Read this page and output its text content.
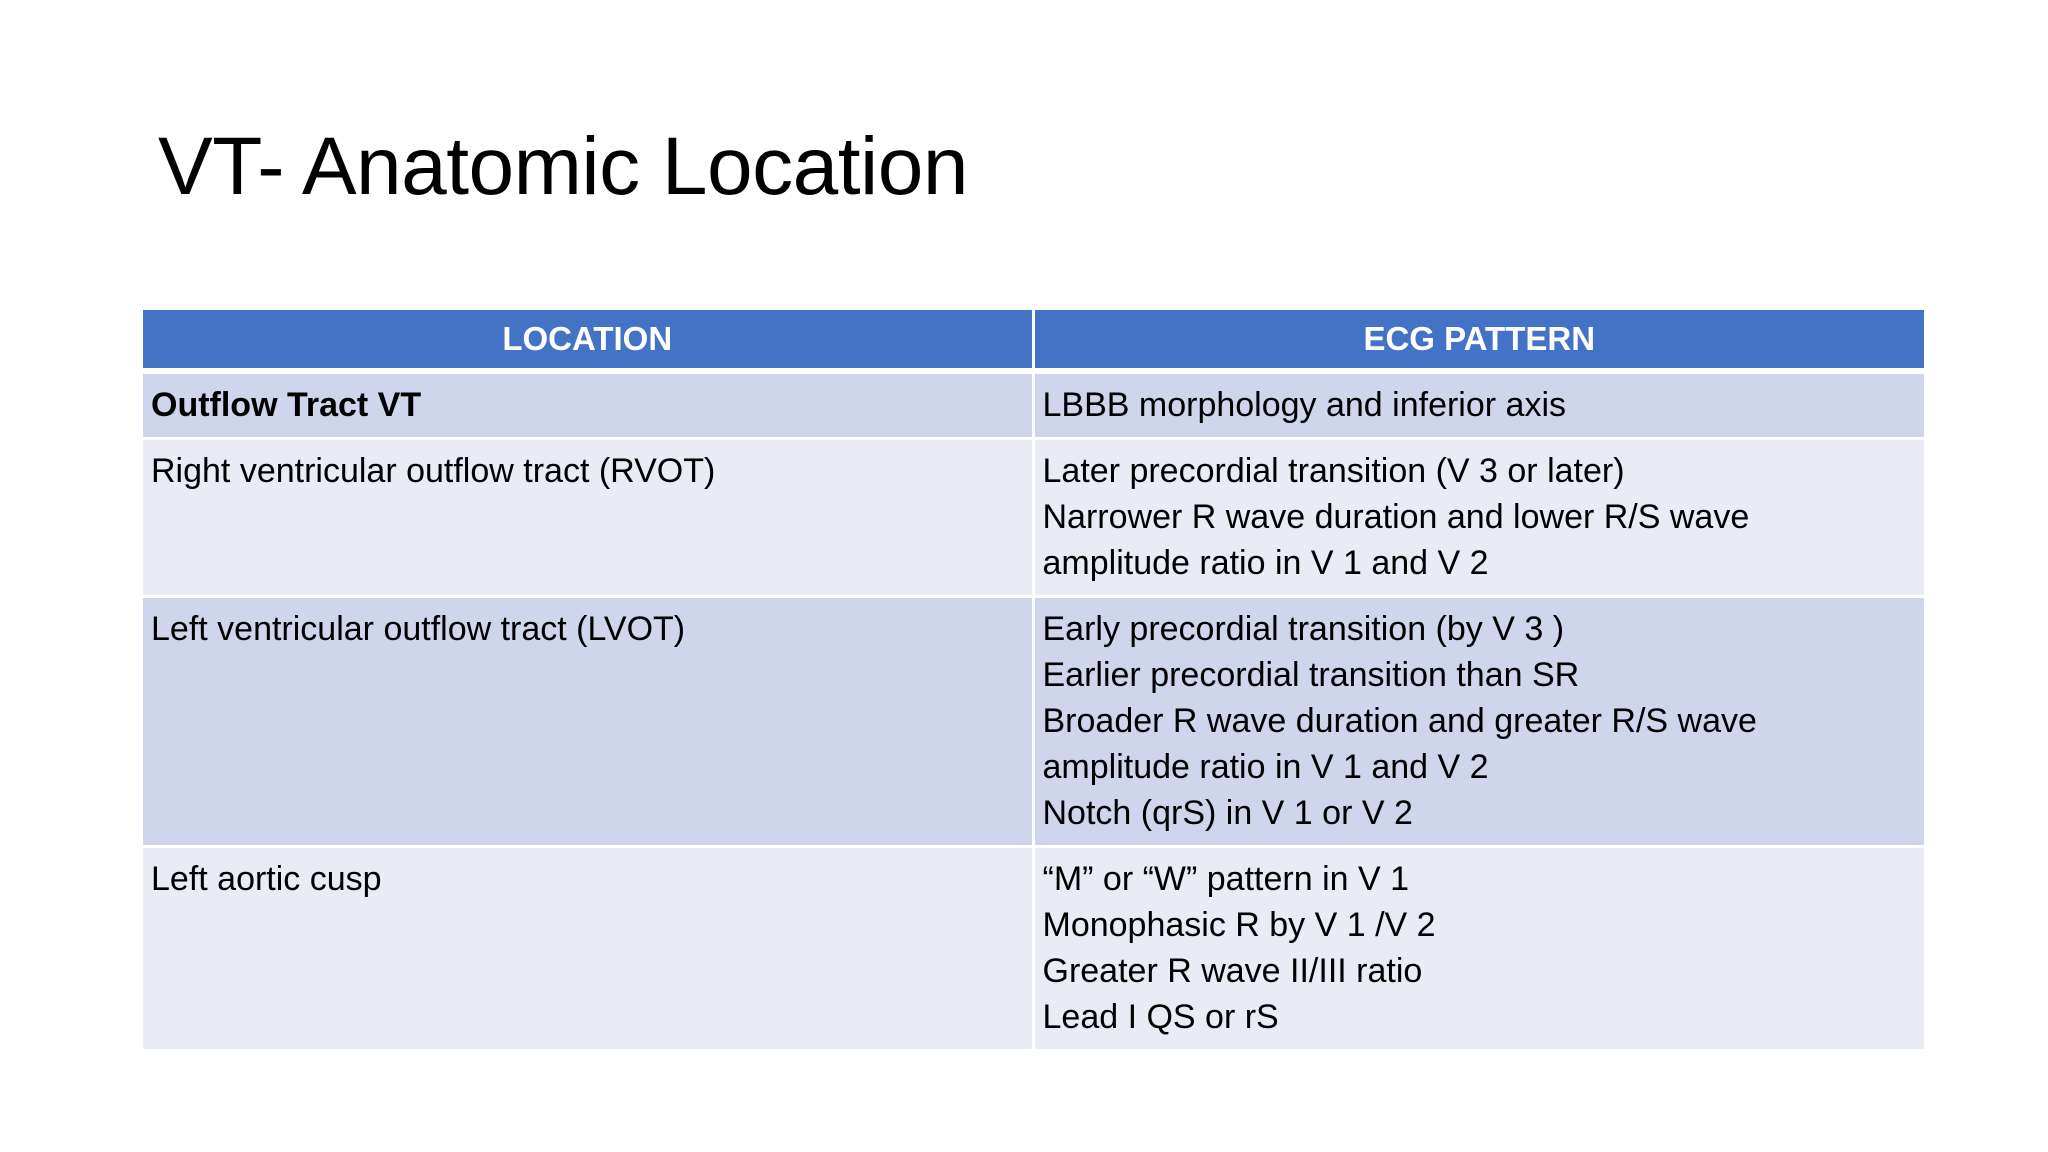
VT- Anatomic Location
LOCATION	ECG PATTERN
Outflow Tract VT	LBBB morphology and inferior axis

Right ventricular outflow tract (RVOT)	Later precordial transition (V 3 or later)
Narrower R wave duration and lower R/S wave
amplitude ratio in V 1 and V 2

Left ventricular outflow tract (LVOT)	Early precordial transition (by V 3 )
Earlier precordial transition than SR
Broader R wave duration and greater R/S wave
amplitude ratio in V 1 and V 2
Notch (qrS) in V 1 or V 2

Left aortic cusp	“M” or “W” pattern in V 1
Monophasic R by V 1 /V 2
Greater R wave II/III ratio
Lead I QS or rS
